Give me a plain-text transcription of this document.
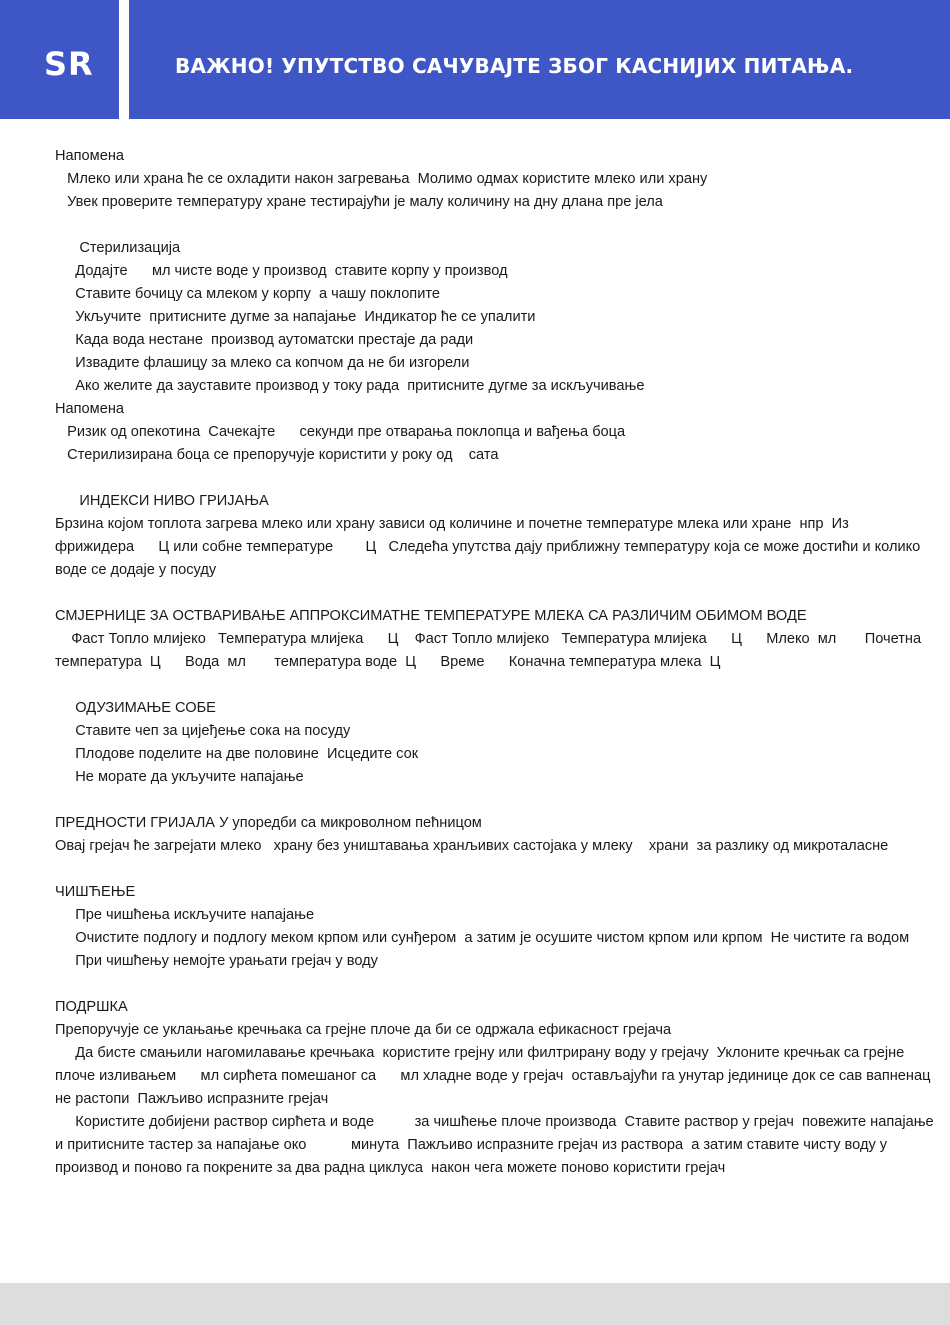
SR	ВАЖНО! УПУТСТВО САЧУВАЈТЕ ЗБОГ КАСНИЈИХ ПИТАЊА.
Напомена
Млеко или храна ће се охладити након загревања  Молимо одмах користите млеко или храну
Увек проверите температуру хране тестирајући је малу количину на дну длана пре јела
Стерилизација
Додајте      мл чисте воде у производ  ставите корпу у производ
Ставите бочицу са млеком у корпу  а чашу поклопите
Укључите  притисните дугме за напајање  Индикатор ће се упалити
Када вода нестане  производ аутоматски престаје да ради
Извадите флашицу за млеко са копчом да не би изгорели
Ако желите да зауставите производ у току рада  притисните дугме за искључивање
Напомена
Ризик од опекотина  Сачекајте      секунди пре отварања поклопца и вађења боца
Стерилизирана боца се препоручује користити у року од    сата
ИНДЕКСИ НИВО ГРИЈАЊА
Брзина којом топлота загрева млеко или храну зависи од количине и почетне температуре млека или хране  нпр  Из
фрижидера      Ц или собне температуре        Ц   Следећа упутства дају приближну температуру која се може достићи и колико
воде се додаје у посуду
СМЈЕРНИЦЕ ЗА ОСТВАРИВАЊЕ АППРОКСИМАТНЕ ТЕМПЕРАТУРЕ МЛЕКА СА РАЗЛИЧИМ ОБИМОМ ВОДЕ
Фаст Топло млијеко   Температура млијека      Ц    Фаст Топло млијеко   Температура млијека      Ц      Млеко  мл       Почетна
температура  Ц      Вода  мл       температура воде  Ц      Време      Коначна температура млека  Ц
ОДУЗИМАЊЕ СОБЕ
Ставите чеп за цијеђење сока на посуду
Плодове поделите на две половине  Исцедите сок
Не морате да укључите напајање
ПРЕДНОСТИ ГРИЈАЛА У упоредби са микроволном пећницом
Овај грејач ће загрејати млеко   храну без уништавања хранљивих састојака у млеку    храни  за разлику од микроталасне
ЧИШЋЕЊЕ
Пре чишћења искључите напајање
Очистите подлогу и подлогу меком крпом или сунђером  а затим је осушите чистом крпом или крпом  Не чистите га водом
При чишћењу немојте урањати грејач у воду
ПОДРШКА
Препоручује се уклањање кречњака са грејне плоче да би се одржала ефикасност грејача
Да бисте смањили нагомилавање кречњака  користите грејну или филтрирану воду у грејачу  Уклоните кречњак са грејне
плоче изливањем      мл сирћета помешаног са      мл хладне воде у грејач  остављајући га унутар јединице док се сав вапненац
не растопи  Пажљиво испразните грејач
Користите добијени раствор сирћета и воде          за чишћење плоче производа  Ставите раствор у грејач  повежите напајање
и притисните тастер за напајање око           минута  Пажљиво испразните грејач из раствора  а затим ставите чисту воду у
производ и поново га покрените за два радна циклуса  након чега можете поново користити грејач
